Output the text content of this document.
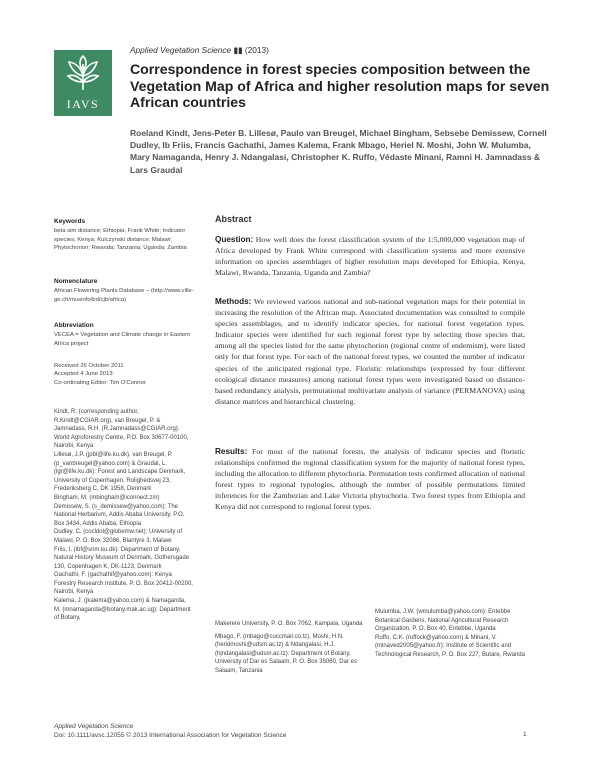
IAVS
Applied Vegetation Science ▮▮ (2013)
Correspondence in forest species composition between the Vegetation Map of Africa and higher resolution maps for seven African countries
Roeland Kindt, Jens-Peter B. Lillesø, Paulo van Breugel, Michael Bingham, Sebsebe Demissew, Cornell Dudley, Ib Friis, Francis Gachathi, James Kalema, Frank Mbago, Heriel N. Moshi, John W. Mulumba, Mary Namaganda, Henry J. Ndangalasi, Christopher K. Ruffo, Védaste Minani, Ramni H. Jamnadass & Lars Graudal
Keywords
beta sim distance; Ethiopia; Frank White; Indicator species; Kenya; Kulczynski distance; Malawi; Phytochorion; Rwanda; Tanzania; Uganda; Zambia
Nomenclature
African Flowering Plants Database – (http://www.ville-ge.ch/musinfo/bd/cjb/africa)
Abbreviation
VECEA = Vegetation and Climate change in Eastern Africa project
Received 26 October 2011
Accepted 4 June 2013
Co-ordinating Editor: Tim O'Connor
Kindt, R. (corresponding author, R.Kindt@CGIAR.org), van Breugel, P. & Jamnadass, R.H. (R.Jamnadass@CGIAR.org): World Agroforestry Centre, P.O. Box 30677-00100, Nairobi, Kenya
Lillesø, J.P. (jpbl@life.ku.dk), van Breugel, P. (p_vanbreugel@yahoo.com) & Graudal, L. (lgr@life.ku.dk): Forest and Landscape Denmark, University of Copenhagen, Rolighedsvej 23, Frederiksberg C, DK 1958, Denmark
Bingham, M. (mbingham@iconnect.zm)
Demissew, S. (s_demissew@yahoo.com): The National Herbarium, Addis Ababa University, P.O. Box 3434, Addis Ababa, Ethiopia
Dudley, C. (cocldol@globemw.net): University of Malawi, P. O. Box 32086, Blantyre 3, Malawi
Friis, I. (ibf@snm.ku.dk): Department of Botany, Natural History Museum of Denmark, Gothersgade 130, Copenhagen K, DK-1123, Denmark
Gachathi, F. (gachathif@yahoo.com): Kenya Forestry Research Institute, P. O. Box 20412-00200, Nairobi, Kenya
Kalema, J. (jkalema@yahoo.com) & Namaganda, M. (mnamaganda@botany.mak.ac.ug): Department of Botany,
Abstract
Question: How well does the forest classification system of the 1:5,000,000 vegetation map of Africa developed by Frank White correspond with classification systems and more extensive information on species assemblages of higher resolution maps developed for Ethiopia, Kenya, Malawi, Rwanda, Tanzania, Uganda and Zambia?
Methods: We reviewed various national and sub-national vegetation maps for their potential in increasing the resolution of the African map. Associated documentation was consulted to compile species assemblages, and to identify indicator species, for national forest vegetation types. Indicator species were identified for each regional forest type by selecting those species that, among all the species listed for the same phytochorion (regional centre of endemism), were listed only for that forest type. For each of the national forest types, we counted the number of indicator species of the anticipated regional type. Floristic relationships (expressed by four different ecological distance measures) among national forest types were investigated based on distance-based redundancy analysis, permutational multivariate analysis of variance (PERMANOVA) using distance matrices and hierarchical clustering.
Results: For most of the national forests, the analysis of indicator species and floristic relationships confirmed the regional classification system for the majority of national forest types, including the allocation to different phytochoria. Permutation tests confirmed allocation of national forest types to regional typologies, although the number of possible permutations limited inferences for the Zambezian and Lake Victoria phytochoria. Two forest types from Ethiopia and Kenya did not correspond to regional forest types.
Makerere University, P. O. Box 7062, Kampala, Uganda
Mbago, F. (mbago@cuccmail.co.tz), Moshi, H.N. (heridmoshi@udsm.ac.tz) & Ndangalasi, H.J. (hjndangalasi@udsm.ac.tz): Department of Botany, University of Dar es Salaam, P. O. Box 35060, Dar es Salaam, Tanzania
Mulumba, J.W. (wmulumba@yahoo.com): Entebbe Botanical Gardens, National Agricultural Research Organization, P. O. Box 40, Entebbe, Uganda
Ruffo, C.K. (ruffock@yahoo.com) & Minani, V. (minaved2005@yahoo.fr): Institute of Scientific and Technological Research, P. O. Box 227, Butare, Rwanda
Applied Vegetation Science
Doi: 10.1111/avsc.12055 © 2013 International Association for Vegetation Science	1
